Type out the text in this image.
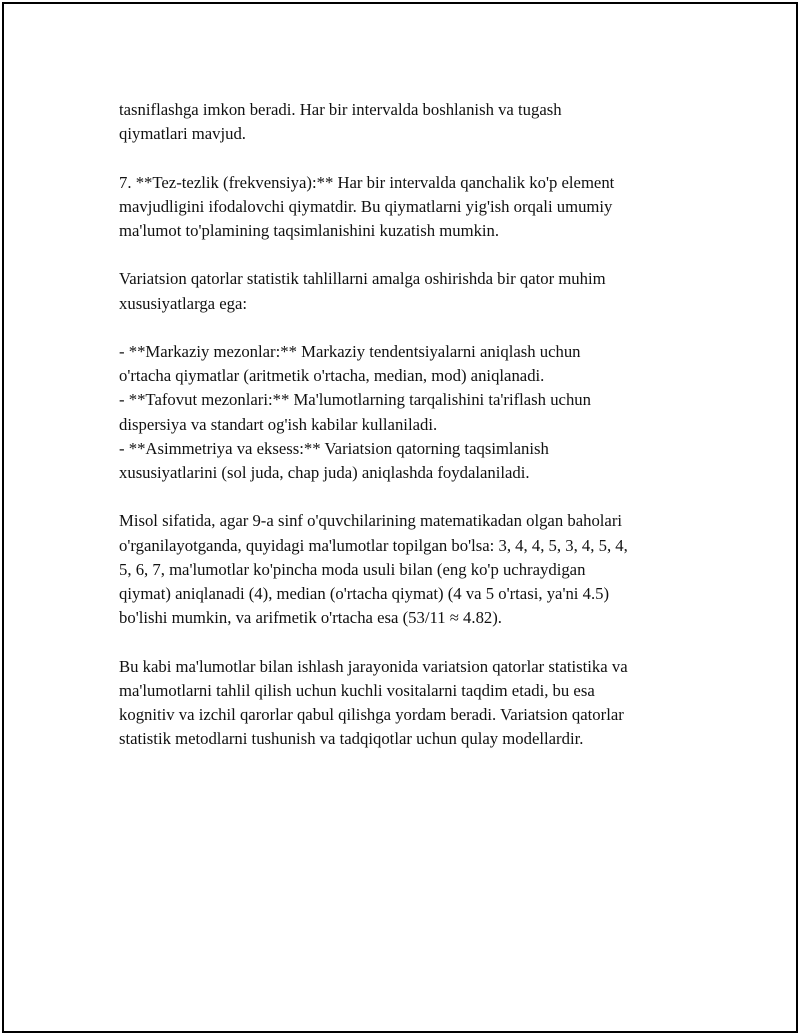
tasniflashga imkon beradi. Har bir intervalda boshlanish va tugash
qiymatlari mavjud.

7. **Tez-tezlik (frekvensiya):** Har bir intervalda qanchalik ko'p element
mavjudligini ifodalovchi qiymatdir. Bu qiymatlarni yig'ish orqali umumiy
ma'lumot to'plamining taqsimlanishini kuzatish mumkin.

Variatsion qatorlar statistik tahlillarni amalga oshirishda bir qator muhim
xususiyatlarga ega:

- **Markaziy mezonlar:** Markaziy tendentsiyalarni aniqlash uchun
o'rtacha qiymatlar (aritmetik o'rtacha, median, mod) aniqlanadi.
- **Tafovut mezonlari:** Ma'lumotlarning tarqalishini ta'riflash uchun
dispersiya va standart og'ish kabilar kullaniladi.
- **Asimmetriya va eksess:** Variatsion qatorning taqsimlanish
xususiyatlarini (sol juda, chap juda) aniqlashda foydalaniladi.

Misol sifatida, agar 9-a sinf o'quvchilarining matematikadan olgan baholari
o'rganilayotganda, quyidagi ma'lumotlar topilgan bo'lsa: 3, 4, 4, 5, 3, 4, 5, 4,
5, 6, 7, ma'lumotlar ko'pincha moda usuli bilan (eng ko'p uchraydigan
qiymat) aniqlanadi (4), median (o'rtacha qiymat) (4 va 5 o'rtasi, ya'ni 4.5)
bo'lishi mumkin, va arifmetik o'rtacha esa (53/11 ≈ 4.82).

Bu kabi ma'lumotlar bilan ishlash jarayonida variatsion qatorlar statistika va
ma'lumotlarni tahlil qilish uchun kuchli vositalarni taqdim etadi, bu esa
kognitiv va izchil qarorlar qabul qilishga yordam beradi. Variatsion qatorlar
statistik metodlarni tushunish va tadqiqotlar uchun qulay modellardir.
